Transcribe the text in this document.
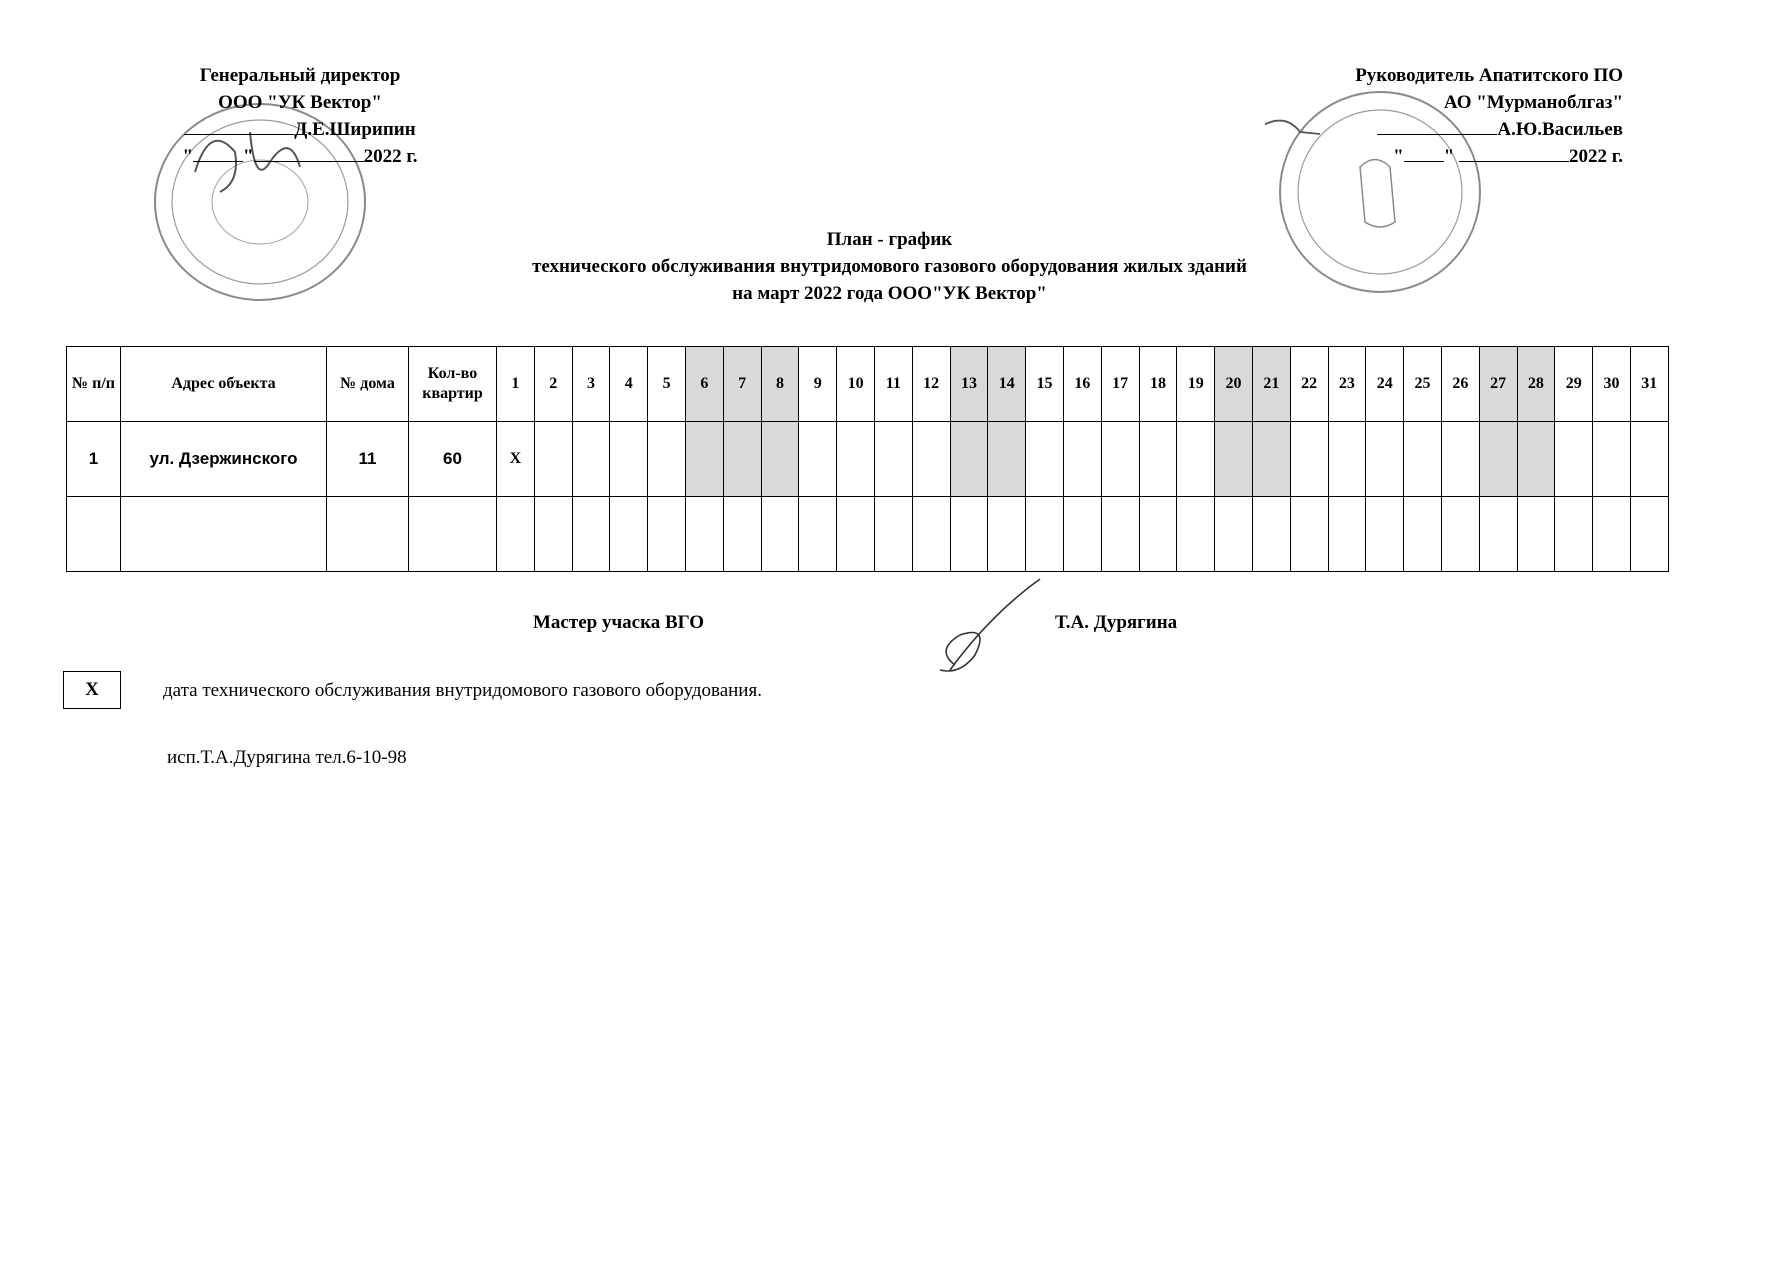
Генеральный директор
ООО "УК Вектор"
Д.Е.Ширипин
"	"	2022 г.
Руководитель Апатитского ПО
АО "Мурманоблгаз"
А.Ю.Васильев
" "	2022 г.
План - график
технического обслуживания внутридомового газового оборудования жилых зданий
на март 2022 года ООО"УК Вектор"
№ п/п	Адрес объекта	№ дома	Кол-во квартир	1	2	3	4	5	6	7	8	9	10	11	12	13	14	15	16	17	18	19	20	21	22	23	24	25	26	27	28	29	30	31
1	ул. Дзержинского	11	60	Х																														

Мастер учacка ВГО	Т.А. Дурягина
Х	дата технического обслуживания внутридомового газового оборудования.
исп.Т.А.Дурягина тел.6-10-98
